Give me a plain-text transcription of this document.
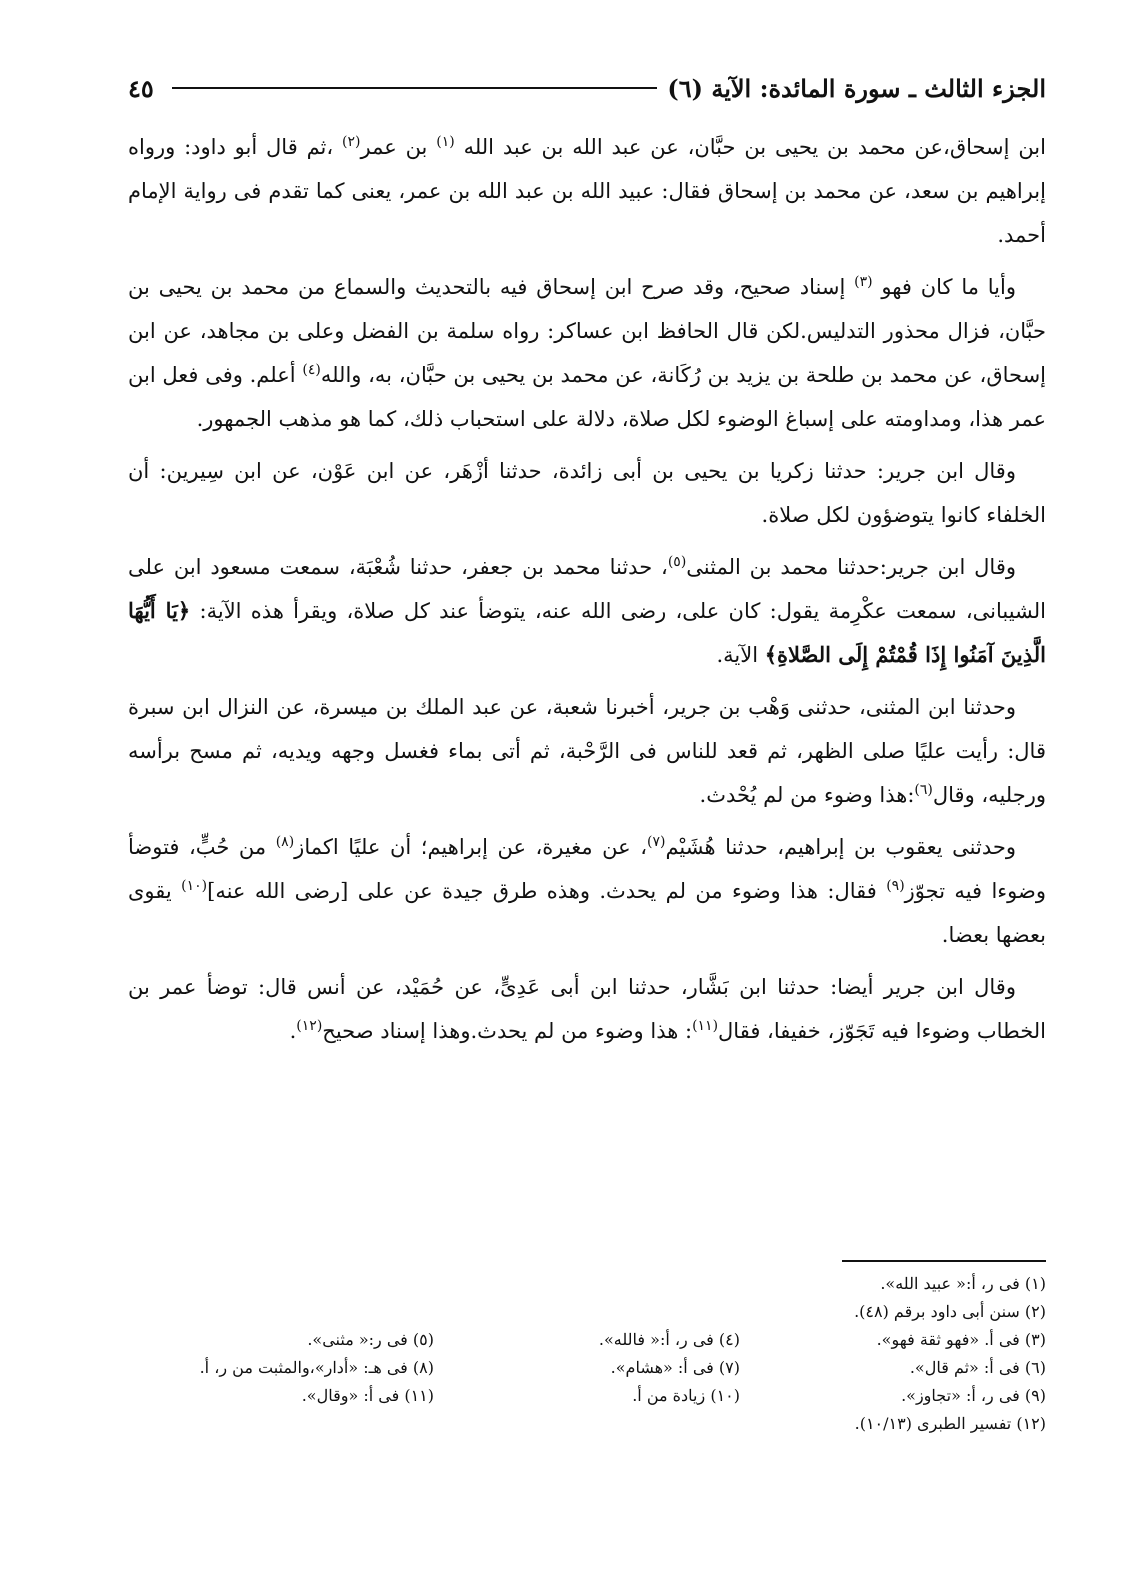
الجزء الثالث ـ سورة المائدة: الآية (٦)
٤٥

ابن إسحاق،عن محمد بن يحيى بن حبَّان، عن عبد الله بن عبد الله $^{(١)}$ بن عمر$^{(٢)}$ ،ثم قال أبو داود: ورواه إبراهيم بن سعد، عن محمد بن إسحاق فقال: عبيد الله بن عبد الله بن عمر، يعنى كما تقدم فى رواية الإمام أحمد.

وأيا ما كان فهو $^{(٣)}$ إسناد صحيح، وقد صرح ابن إسحاق فيه بالتحديث والسماع من محمد بن يحيى بن حبَّان، فزال محذور التدليس.لكن قال الحافظ ابن عساكر: رواه سلمة بن الفضل وعلى بن مجاهد، عن ابن إسحاق، عن محمد بن طلحة بن يزيد بن رُكَانة، عن محمد بن يحيى بن حبَّان، به، والله$^{(٤)}$ أعلم. وفى فعل ابن عمر هذا، ومداومته على إسباغ الوضوء لكل صلاة، دلالة على استحباب ذلك، كما هو مذهب الجمهور.

وقال ابن جرير: حدثنا زكريا بن يحيى بن أبى زائدة، حدثنا أزْهَر، عن ابن عَوْن، عن ابن سِيرين: أن الخلفاء كانوا يتوضؤون لكل صلاة.

وقال ابن جرير:حدثنا محمد بن المثنى$^{(٥)}$، حدثنا محمد بن جعفر، حدثنا شُعْبَة، سمعت مسعود ابن على الشيبانى، سمعت عكْرِمة يقول: كان على، رضى الله عنه، يتوضأ عند كل صلاة، ويقرأ هذه الآية: ﴿يَا أَيُّهَا الَّذِينَ آمَنُوا إِذَا قُمْتُمْ إِلَى الصَّلاةِ﴾ الآية.

وحدثنا ابن المثنى، حدثنى وَهْب بن جرير، أخبرنا شعبة، عن عبد الملك بن ميسرة، عن النزال ابن سبرة قال: رأيت عليًا صلى الظهر، ثم قعد للناس فى الرَّحْبة، ثم أتى بماء فغسل وجهه ويديه، ثم مسح برأسه ورجليه، وقال$^{(٦)}$:هذا وضوء من لم يُحْدث.

وحدثنى يعقوب بن إبراهيم، حدثنا هُشَيْم$^{(٧)}$، عن مغيرة، عن إبراهيم؛ أن عليًا اكماز$^{(٨)}$ من حُبٍّ، فتوضأ وضوءا فيه تجوّز$^{(٩)}$ فقال: هذا وضوء من لم يحدث. وهذه طرق جيدة عن على [رضى الله عنه]$^{(١٠)}$ يقوى بعضها بعضا.

وقال ابن جرير أيضا: حدثنا ابن بَشَّار، حدثنا ابن أبى عَدِىٍّ، عن حُمَيْد، عن أنس قال: توضأ عمر بن الخطاب وضوءا فيه تَجَوّز، خفيفا، فقال$^{(١١)}$: هذا وضوء من لم يحدث.وهذا إسناد صحيح$^{(١٢)}$.

(١) فى ر، أ:« عبيد الله».
(٢) سنن أبى داود برقم (٤٨).
(٣) فى أ. «فهو ثقة فهو».
(٤) فى ر، أ:« فالله».
(٥) فى ر:« مثنى».
(٦) فى أ: «ثم قال».
(٧) فى أ: «هشام».
(٨) فى هـ: «أدار»،والمثبت من ر، أ.
(٩) فى ر، أ: «تجاوز».
(١٠) زيادة من أ.
(١١) فى أ: «وقال».
(١٢) تفسير الطبرى (١٠/١٣).
